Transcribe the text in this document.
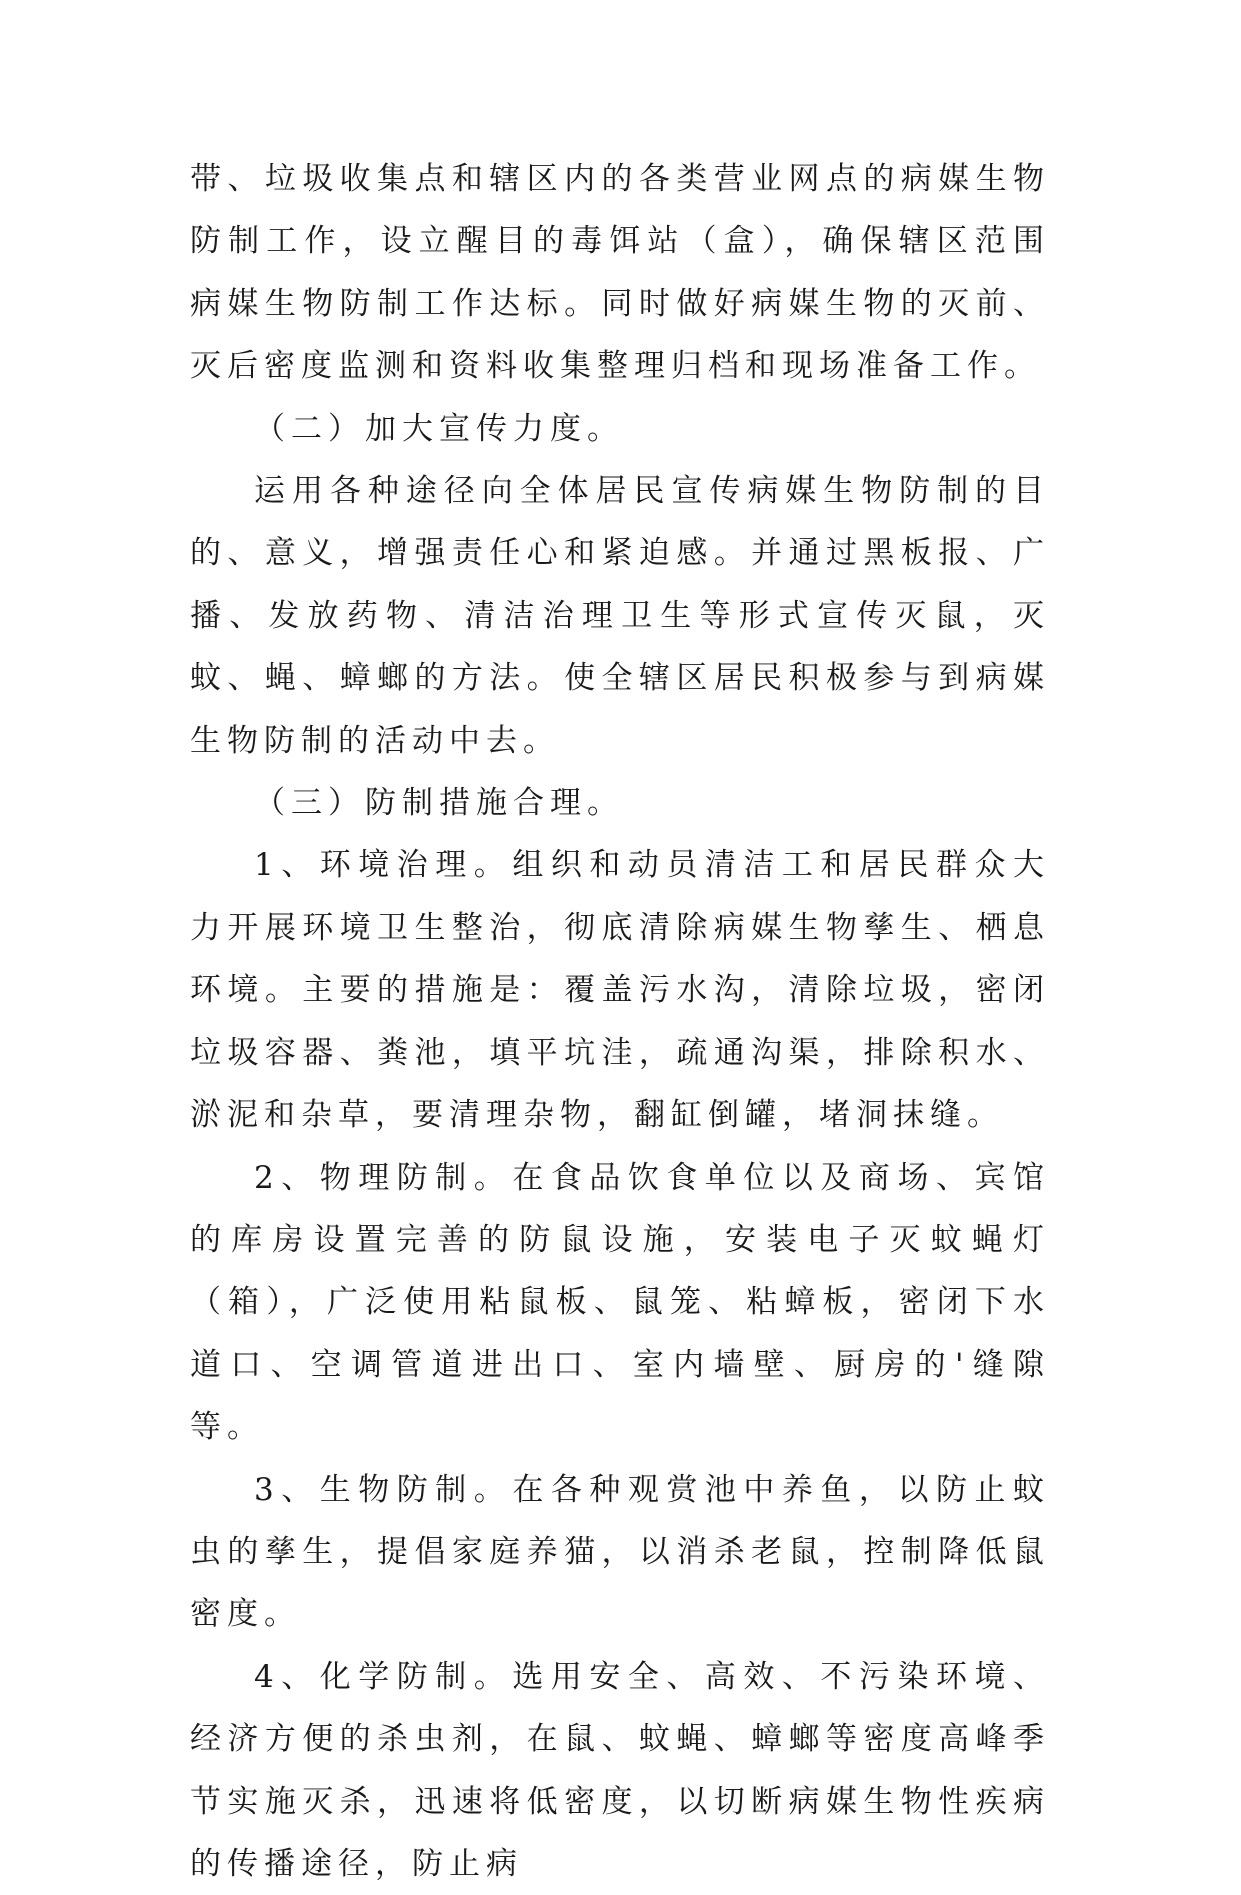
带、垃圾收集点和辖区内的各类营业网点的病媒生物防制工作，设立醒目的毒饵站（盒），确保辖区范围病媒生物防制工作达标。同时做好病媒生物的灭前、灭后密度监测和资料收集整理归档和现场准备工作。

（二）加大宣传力度。

运用各种途径向全体居民宣传病媒生物防制的目的、意义，增强责任心和紧迫感。并通过黑板报、广播、发放药物、清洁治理卫生等形式宣传灭鼠，灭蚊、蝇、蟑螂的方法。使全辖区居民积极参与到病媒生物防制的活动中去。

（三）防制措施合理。

1、环境治理。组织和动员清洁工和居民群众大力开展环境卫生整治，彻底清除病媒生物孳生、栖息环境。主要的措施是：覆盖污水沟，清除垃圾，密闭垃圾容器、粪池，填平坑洼，疏通沟渠，排除积水、淤泥和杂草，要清理杂物，翻缸倒罐，堵洞抹缝。

2、物理防制。在食品饮食单位以及商场、宾馆的库房设置完善的防鼠设施，安装电子灭蚊蝇灯（箱），广泛使用粘鼠板、鼠笼、粘蟑板，密闭下水道口、空调管道进出口、室内墙壁、厨房的'缝隙等。

3、生物防制。在各种观赏池中养鱼，以防止蚊虫的孳生，提倡家庭养猫，以消杀老鼠，控制降低鼠密度。

4、化学防制。选用安全、高效、不污染环境、经济方便的杀虫剂，在鼠、蚊蝇、蟑螂等密度高峰季节实施灭杀，迅速将低密度，以切断病媒生物性疾病的传播途径，防止病
